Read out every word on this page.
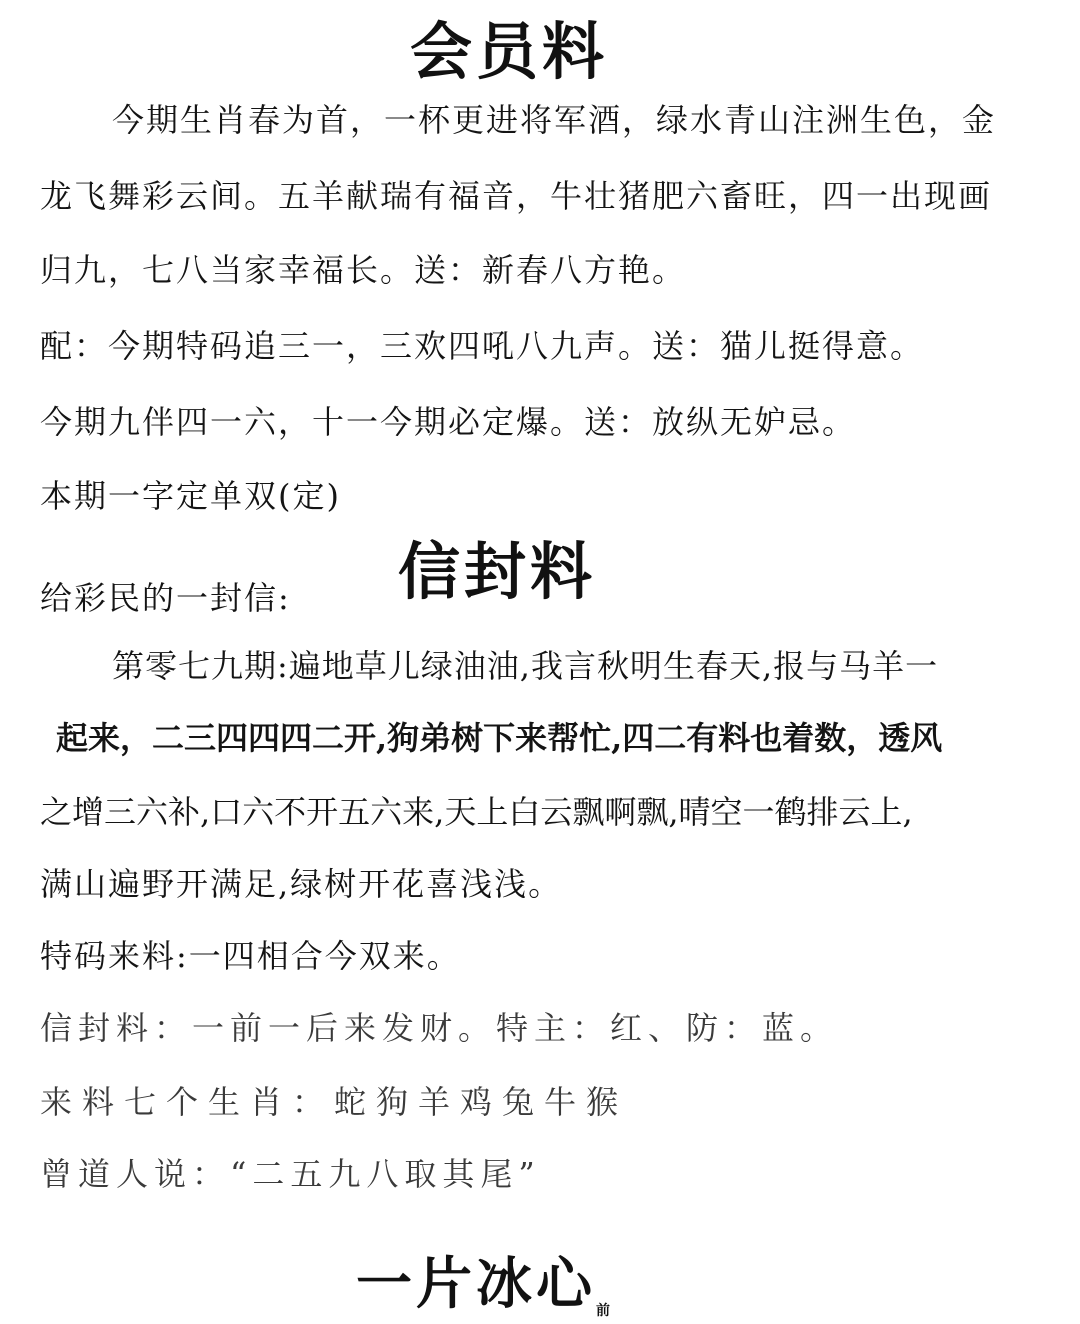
会员料
今期生肖春为首，一杯更进将军酒，绿水青山注洲生色，金
龙飞舞彩云间。五羊献瑞有福音，牛壮猪肥六畜旺，四一出现画
归九，七八当家幸福长。送：新春八方艳。
配：今期特码追三一，三欢四吼八九声。送：猫儿挺得意。
今期九伴四一六，十一今期必定爆。送：放纵无妒忌。
本期一字定单双(定)
信封料
给彩民的一封信:
第零七九期:遍地草儿绿油油,我言秋明生春天,报与马羊一
起来，二三四四四二开,狗弟树下来帮忙,四二有料也着数，透风
之增三六补,口六不开五六来,天上白云飘啊飘,晴空一鹤排云上,
满山遍野开满足,绿树开花喜浅浅。
特码来料:一四相合今双来。
信封料：一前一后来发财。特主：红、防：蓝。
来料七个生肖：蛇狗羊鸡兔牛猴
曾道人说：“二五九八取其尾”
一片冰心前
